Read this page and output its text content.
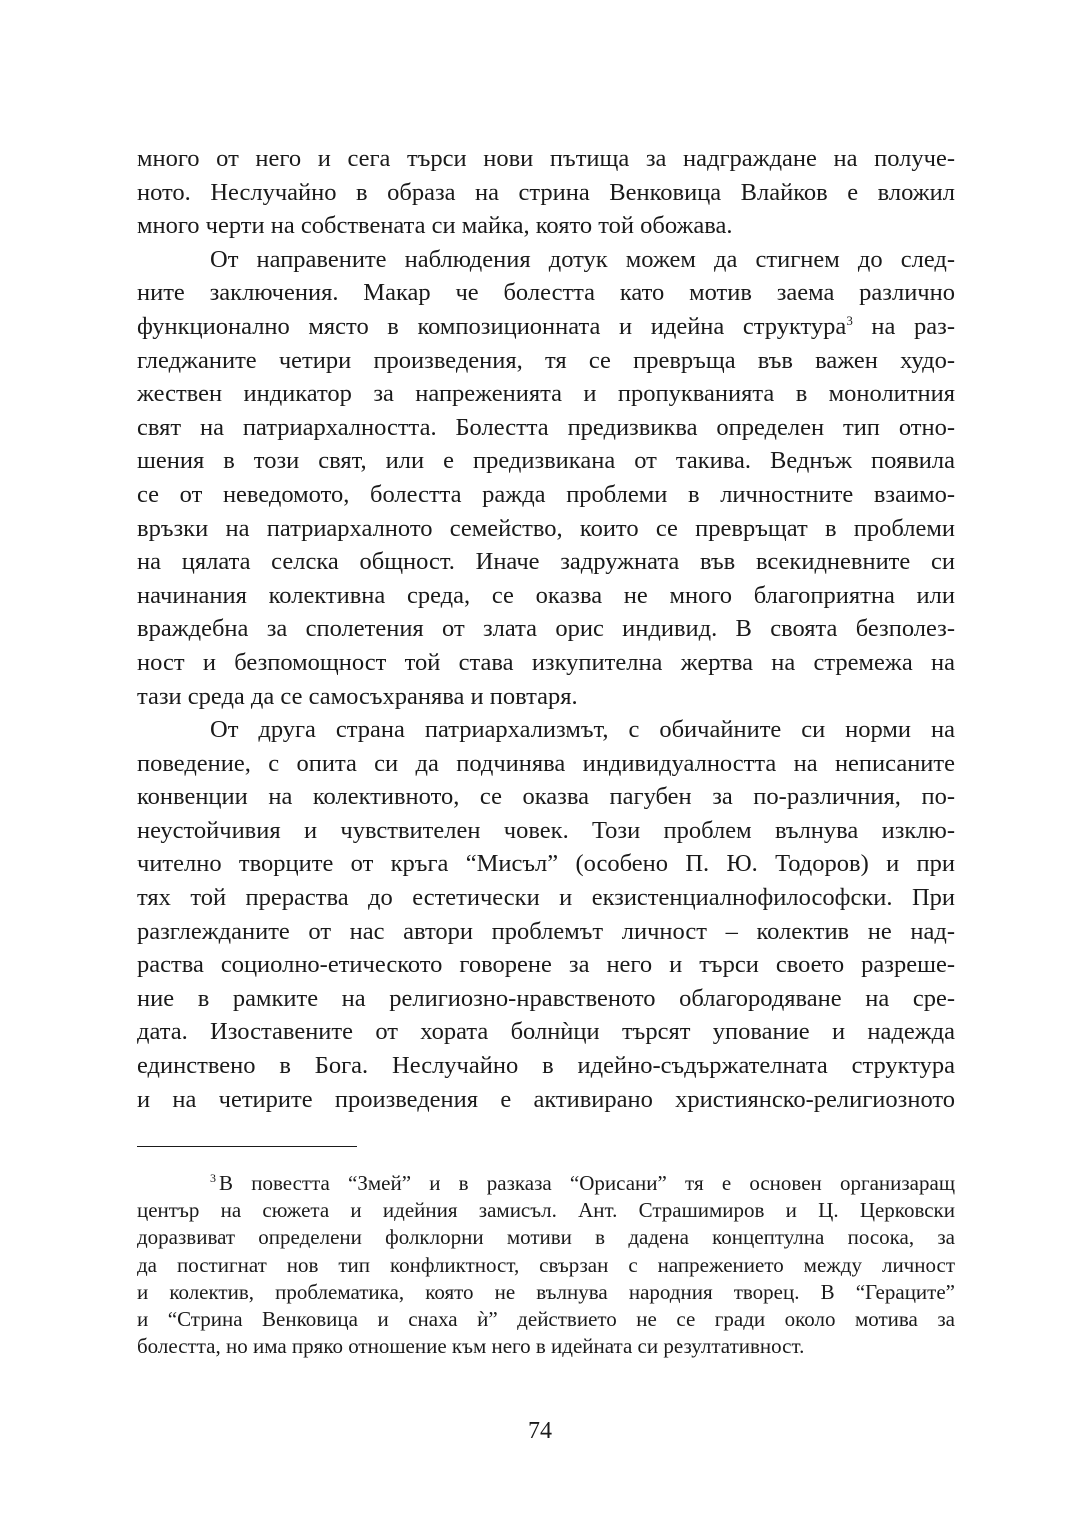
много от него и сега търси нови пътища за надграждане на получе-
ното. Неслучайно в образа на стрина Венковица Влайков е вложил
много черти на собствената си майка, която той обожава.
От направените наблюдения дотук можем да стигнем до след-
ните заключения. Макар че болестта като мотив заема различно
функционално място в композиционната и идейна структура$^3$ на раз-
гледжаните четири произведения, тя се превръща във важен худо-
жествен индикатор за напреженията и пропукванията в монолитния
свят на патриархалността. Болестта предизвиква определен тип отно-
шения в този свят, или е предизвикана от такива. Веднъж появила
се от неведомото, болестта ражда проблеми в личностните взаимо-
връзки на патриархалното семейство, които се превръщат в проблеми
на цялата селска общност. Иначе задружната във всекидневните си
начинания колективна среда, се оказва не много благоприятна или
враждебна за сполетения от злата орис индивид. В своята безполез-
ност и безпомощност той става изкупителна жертва на стремежа на
тази среда да се самосъхранява и повтаря.
От друга страна патриархализмът, с обичайните си норми на
поведение, с опита си да подчинява индивидуалността на неписаните
конвенции на колективното, се оказва пагубен за по-различния, по-
неустойчивия и чувствителен човек. Този проблем вълнува изклю-
чително творците от кръга “Мисъл” (особено П. Ю. Тодоров) и при
тях той прераства до естетически и екзистенциалнофилософски. При
разглежданите от нас автори проблемът личност – колектив не над-
раства социолно-етическото говорене за него и търси своето разреше-
ние в рамките на религиозно-нравственото облагородяване на сре-
дата. Изоставените от хората болнѝци търсят упование и надежда
единствено в Бога. Неслучайно в идейно-съдържателната структура
и на четирите произведения е активирано християнско-религиозното
$^3$ В повестта “Змей” и в разказа “Орисани” тя е основен организаращ
център на сюжета и идейния замисъл. Ант. Страшимиров и Ц. Церковски
доразвиват определени фолклорни мотиви в дадена концептулна посока, за
да постигнат нов тип конфликтност, свързан с напрежението между личност
и колектив, проблематика, която не вълнува народния творец. В “Гераците”
и “Стрина Венковица и снаха ѝ” действието не се гради около мотива за
болестта, но има пряко отношение към него в идейната си резултативност.
74
